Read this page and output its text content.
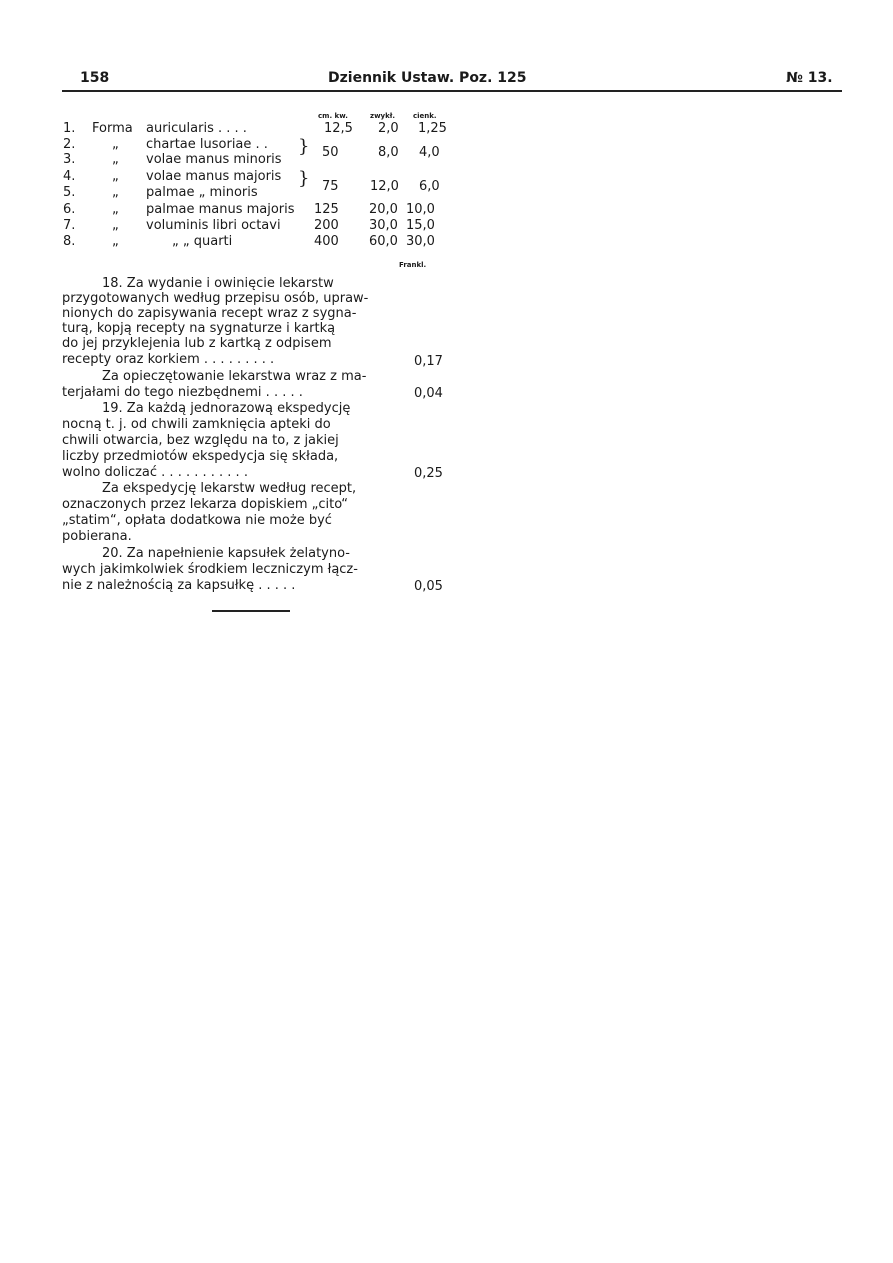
158	Dziennik Ustaw. Poz. 125	№ 13.
cm. kw.	zwykł.	cienk.
1. Forma auricularis . . . .	12,5 2,0 1,25
2.	„ chartae lusoriae . .
3.	„ volae manus minoris
} 50	8,0 4,0
4.	„ volae manus majoris
5.	„ palmae „ minoris
} 75 12,0 6,0
6.	„ palmae manus majoris 125 20,0 10,0
7.	„ voluminis libri octavi	200 30,0 15,0
8.	„	„ „ quarti	400 60,0 30,0
Frankl.
18. Za wydanie i owinięcie lekarstw
przygotowanych według przepisu osób, upraw-
nionych do zapisywania recept wraz z sygna-
turą, kopją recepty na sygnaturze i kartką
do jej przyklejenia lub z kartką z odpisem
recepty oraz korkiem . . . . . . . . .	0,17
Za opieczętowanie lekarstwa wraz z ma-
terjałami do tego niezbędnemi . . . . .	0,04
19. Za każdą jednorazową ekspedycję
nocną t. j. od chwili zamknięcia apteki do
chwili otwarcia, bez względu na to, z jakiej
liczby przedmiotów ekspedycja się składa,
wolno doliczać . . . . . . . . . . .	0,25
Za ekspedycję lekarstw według recept,
oznaczonych przez lekarza dopiskiem „cito“
„statim“, opłata dodatkowa nie może być
pobierana.
20. Za napełnienie kapsułek żelatyno-
wych jakimkolwiek środkiem leczniczym łącz-
nie z należnością za kapsułkę . . . . .	0,05
